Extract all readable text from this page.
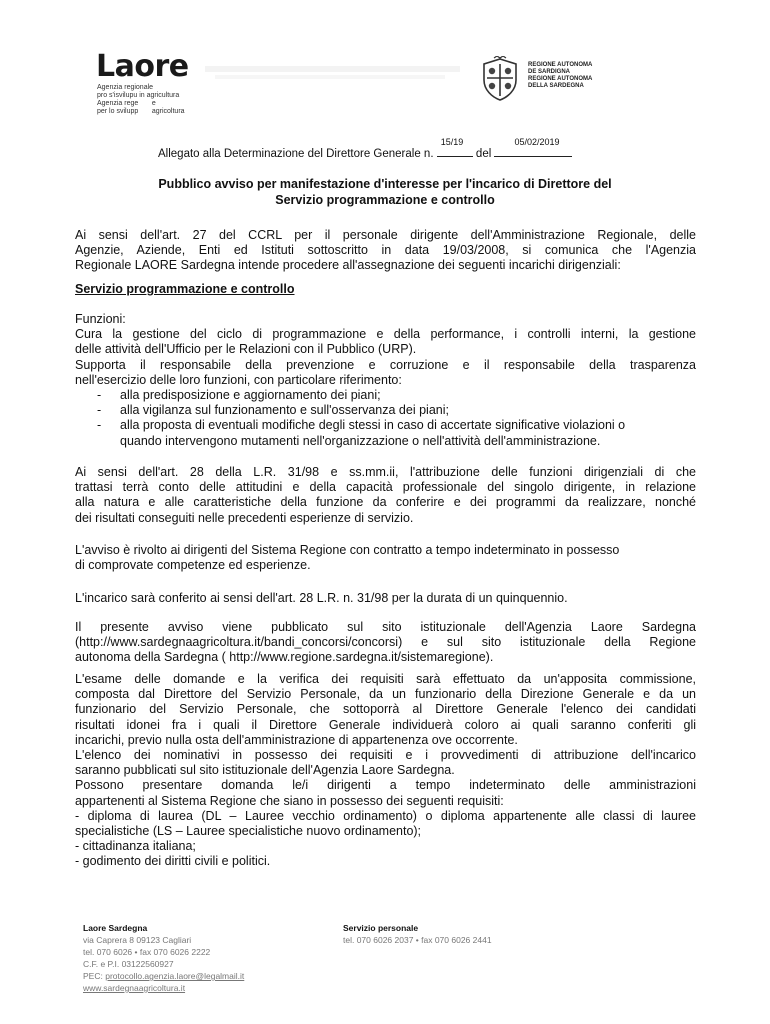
Laore
Agenzia regionale
pro s'isvilupu in agricultura
Agenzia rege       e
per lo svilupp       agricoltura
REGIONE AUTONOMA
DE SARDIGNA
REGIONE AUTONOMA
DELLA SARDEGNA
Allegato alla Determinazione del Direttore Generale n.
15/19
del
05/02/2019
Pubblico avviso per manifestazione d'interesse per l'incarico di Direttore del
Servizio programmazione e controllo
Ai sensi dell'art. 27 del CCRL per il personale dirigente dell'Amministrazione Regionale, delle
Agenzie, Aziende, Enti ed Istituti sottoscritto in data 19/03/2008, si comunica che l'Agenzia
Regionale LAORE Sardegna intende procedere all'assegnazione dei seguenti incarichi dirigenziali:
Servizio programmazione e controllo
Funzioni:
Cura la gestione del ciclo di programmazione e della performance, i controlli interni, la gestione
delle attività dell'Ufficio per le Relazioni con il Pubblico (URP).
Supporta il responsabile della prevenzione e corruzione e il responsabile della trasparenza
nell'esercizio delle loro funzioni, con particolare riferimento:
- alla predisposizione e aggiornamento dei piani;
- alla vigilanza sul funzionamento e sull'osservanza dei piani;
- alla proposta di eventuali modifiche degli stessi in caso di accertate significative violazioni o
quando intervengono mutamenti nell'organizzazione o nell'attività dell'amministrazione.
Ai sensi dell'art. 28 della L.R. 31/98 e ss.mm.ii, l'attribuzione delle funzioni dirigenziali di che
trattasi terrà conto delle attitudini e della capacità professionale del singolo dirigente, in relazione
alla natura e alle caratteristiche della funzione da conferire e dei programmi da realizzare, nonché
dei risultati conseguiti nelle precedenti esperienze di servizio.
L'avviso è rivolto ai dirigenti del Sistema Regione con contratto a tempo indeterminato in possesso
di comprovate competenze ed esperienze.
L'incarico sarà conferito ai sensi dell'art. 28 L.R. n. 31/98 per la durata di un quinquennio.
Il presente avviso viene pubblicato sul sito istituzionale dell'Agenzia Laore Sardegna
(http://www.sardegnaagricoltura.it/bandi_concorsi/concorsi) e sul sito istituzionale della Regione
autonoma della Sardegna ( http://www.regione.sardegna.it/sistemaregione).
L'esame delle domande e la verifica dei requisiti sarà effettuato da un'apposita commissione,
composta dal Direttore del Servizio Personale, da un funzionario della Direzione Generale e da un
funzionario del Servizio Personale, che sottoporrà al Direttore Generale l'elenco dei candidati
risultati idonei fra i quali il Direttore Generale individuerà coloro ai quali saranno conferiti gli
incarichi, previo nulla osta dell'amministrazione di appartenenza ove occorrente.
L'elenco dei nominativi in possesso dei requisiti e i provvedimenti di attribuzione dell'incarico
saranno pubblicati sul sito istituzionale dell'Agenzia Laore Sardegna.
Possono presentare domanda le/i dirigenti a tempo indeterminato delle amministrazioni
appartenenti al Sistema Regione che siano in possesso dei seguenti requisiti:
- diploma di laurea (DL – Lauree vecchio ordinamento) o diploma appartenente alle classi di lauree
specialistiche (LS – Lauree specialistiche nuovo ordinamento);
- cittadinanza italiana;
- godimento dei diritti civili e politici.
Laore Sardegna
via Caprera 8 09123 Cagliari
tel. 070 6026 • fax 070 6026 2222
C.F. e P.I. 03122560927
PEC: protocollo.agenzia.laore@legalmail.it
www.sardegnaagricoltura.it
Servizio personale
tel. 070 6026 2037 • fax 070 6026 2441
